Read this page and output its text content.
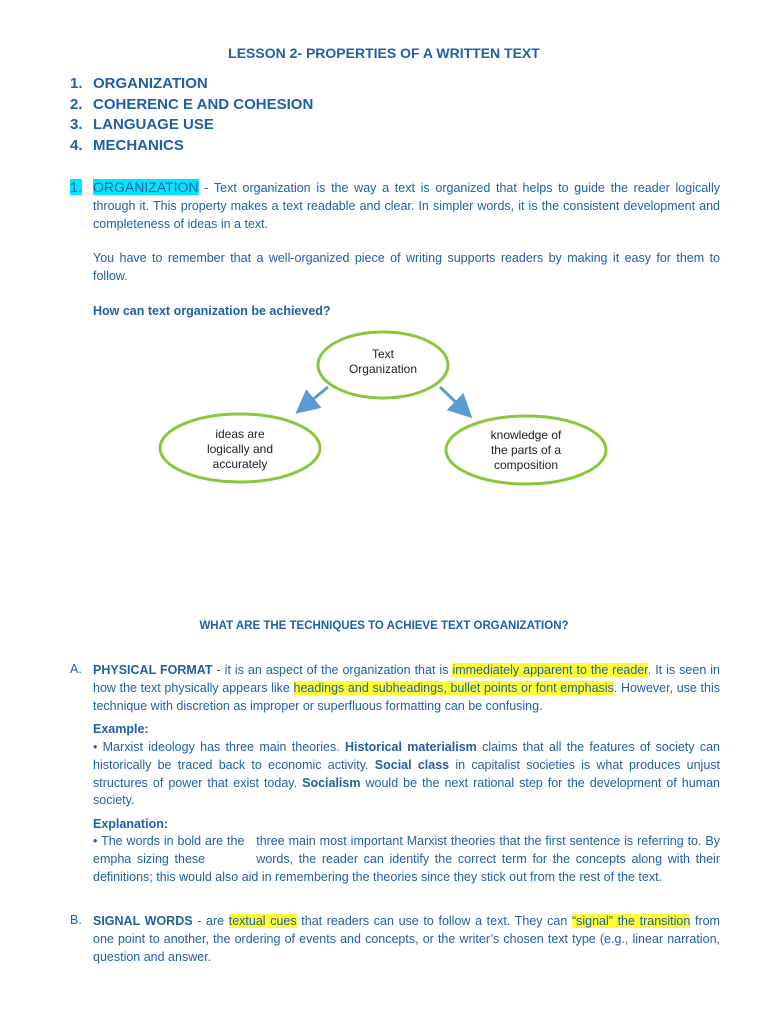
LESSON 2- PROPERTIES OF A WRITTEN TEXT
1. ORGANIZATION
2. COHERENC E AND COHESION
3. LANGUAGE USE
4. MECHANICS
1. ORGANIZATION - Text organization is the way a text is organized that helps to guide the reader logically through it. This property makes a text readable and clear. In simpler words, it is the consistent development and completeness of ideas in a text.

You have to remember that a well-organized piece of writing supports readers by making it easy for them to follow.

How can text organization be achieved?

Text
Organization
ideas are
logically and
accurately
knowledge of
the parts of a
composition
WHAT ARE THE TECHNIQUES TO ACHIEVE TEXT ORGANIZATION?
A. PHYSICAL FORMAT - it is an aspect of the organization that is immediately apparent to the reader. It is seen in how the text physically appears like headings and subheadings, bullet points or font emphasis. However, use this technique with discretion as improper or superfluous formatting can be confusing.

Example:

• Marxist ideology has three main theories. Historical materialism claims that all the features of society can historically be traced back to economic activity. Social class in capitalist societies is what produces unjust structures of power that exist today. Socialism would be the next rational step for the development of human society.

Explanation:

• The words in bold are the   three main most important Marxist theories that the first sentence is referring to. By empha sizing these         words, the reader can identify the correct term for the concepts along with their definitions; this would also aid in remembering the theories since they stick out from the rest of the text.

B. SIGNAL WORDS - are textual cues that readers can use to follow a text. They can “signal” the transition from one point to another, the ordering of events and concepts, or the writer’s chosen text type (e.g., linear narration, question and answer.
